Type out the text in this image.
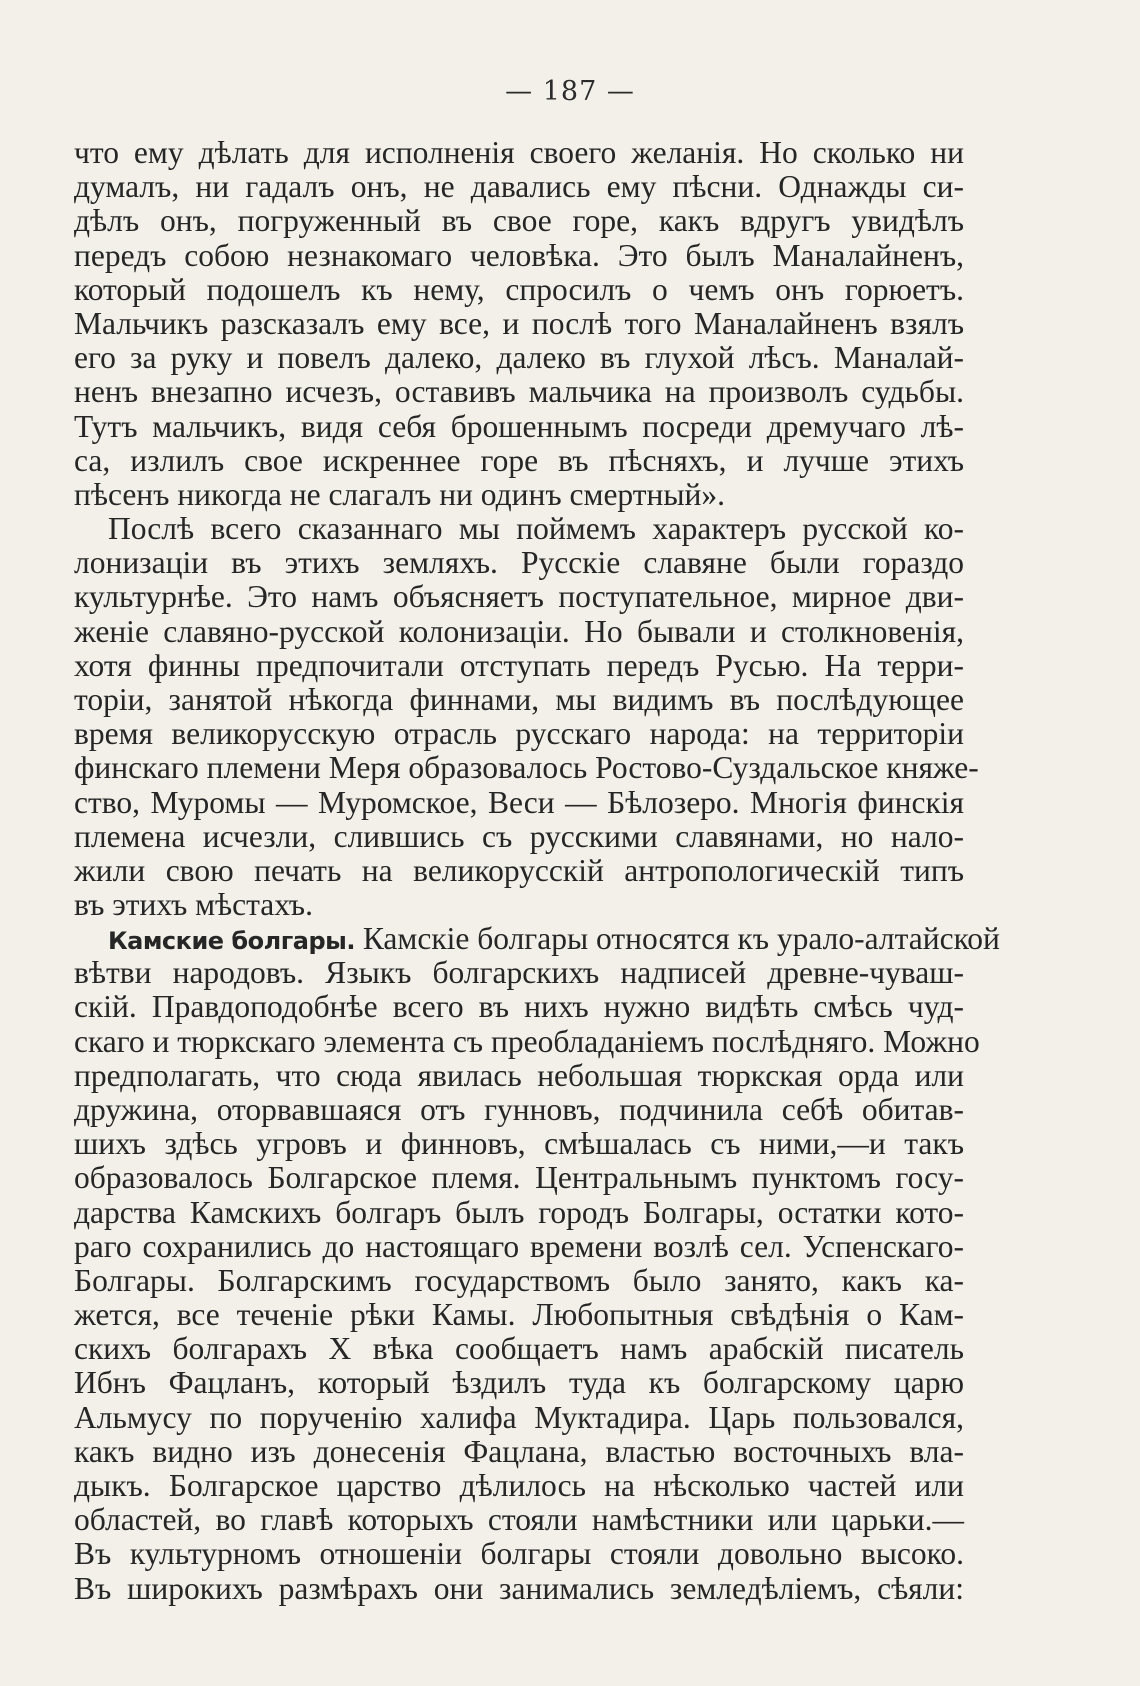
— 187 —
что ему дѣлать для исполненія своего желанія. Но сколько ни
думалъ, ни гадалъ онъ, не давались ему пѣсни. Однажды си-
дѣлъ онъ, погруженный въ свое горе, какъ вдругъ увидѣлъ
передъ собою незнакомаго человѣка. Это былъ Маналайненъ,
который подошелъ къ нему, спросилъ о чемъ онъ горюетъ.
Мальчикъ разсказалъ ему все, и послѣ того Маналайненъ взялъ
его за руку и повелъ далеко, далеко въ глухой лѣсъ. Маналай-
ненъ внезапно исчезъ, оставивъ мальчика на произволъ судьбы.
Тутъ мальчикъ, видя себя брошеннымъ посреди дремучаго лѣ-
са, излилъ свое искреннее горе въ пѣсняхъ, и лучше этихъ
пѣсенъ никогда не слагалъ ни одинъ смертный».
Послѣ всего сказаннаго мы поймемъ характеръ русской ко-
лонизаціи въ этихъ земляхъ. Русскіе славяне были гораздо
культурнѣе. Это намъ объясняетъ поступательное, мирное дви-
женіе славяно-русской колонизаціи. Но бывали и столкновенія,
хотя финны предпочитали отступать передъ Русью. На терри-
торіи, занятой нѣкогда финнами, мы видимъ въ послѣдующее
время великорусскую отрасль русскаго народа: на территоріи
финскаго племени Меря образовалось Ростово-Суздальское княже-
ство, Муромы — Муромское, Веси — Бѣлозеро. Многія финскія
племена исчезли, слившись съ русскими славянами, но нало-
жили свою печать на великорусскій антропологическій типъ
въ этихъ мѣстахъ.
Камские болгары. Камскіе болгары относятся къ урало-алтайской
вѣтви народовъ. Языкъ болгарскихъ надписей древне-чуваш-
скій. Правдоподобнѣе всего въ нихъ нужно видѣть смѣсь чуд-
скаго и тюркскаго элемента съ преобладаніемъ послѣдняго. Можно
предполагать, что сюда явилась небольшая тюркская орда или
дружина, оторвавшаяся отъ гунновъ, подчинила себѣ обитав-
шихъ здѣсь угровъ и финновъ, смѣшалась съ ними,—и такъ
образовалось Болгарское племя. Центральнымъ пунктомъ госу-
дарства Камскихъ болгаръ былъ городъ Болгары, остатки кото-
раго сохранились до настоящаго времени возлѣ сел. Успенскаго-
Болгары. Болгарскимъ государствомъ было занято, какъ ка-
жется, все теченіе рѣки Камы. Любопытныя свѣдѣнія о Кам-
скихъ болгарахъ X вѣка сообщаетъ намъ арабскій писатель
Ибнъ Фацланъ, который ѣздилъ туда къ болгарскому царю
Альмусу по порученію халифа Муктадира. Царь пользовался,
какъ видно изъ донесенія Фацлана, властью восточныхъ вла-
дыкъ. Болгарское царство дѣлилось на нѣсколько частей или
областей, во главѣ которыхъ стояли намѣстники или царьки.—
Въ культурномъ отношеніи болгары стояли довольно высоко.
Въ широкихъ размѣрахъ они занимались земледѣліемъ, сѣяли:
